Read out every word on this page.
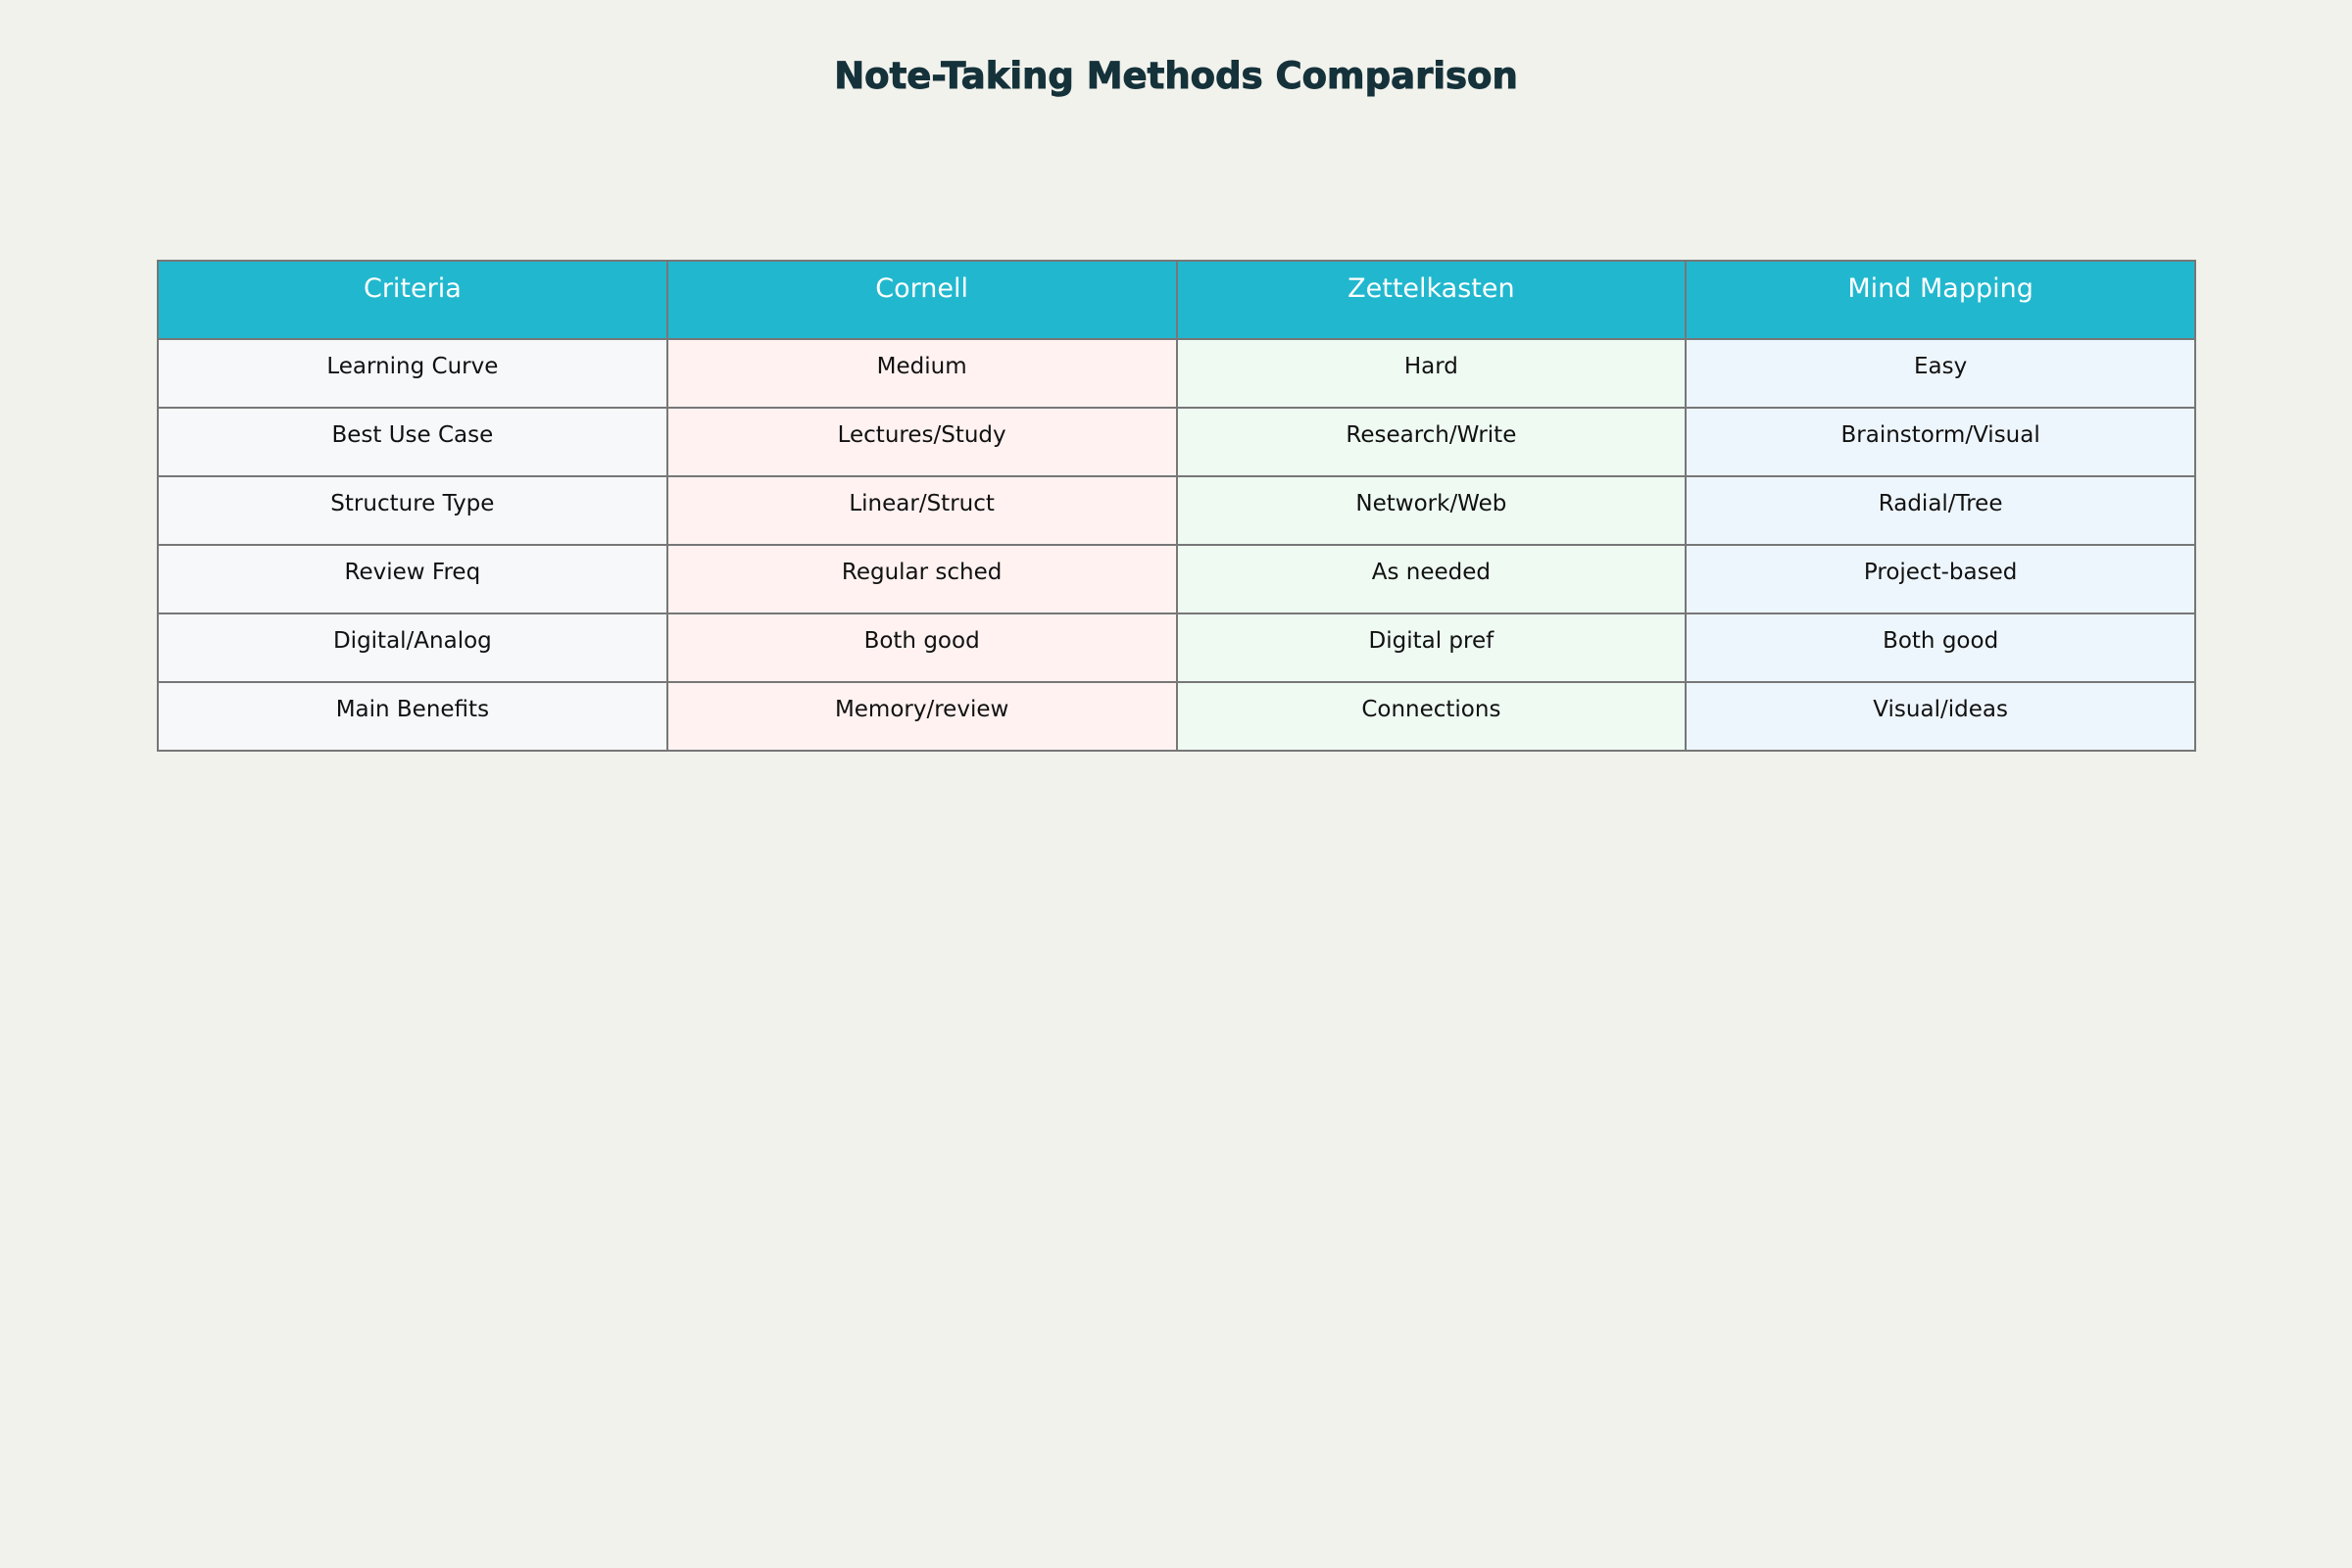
Note-Taking Methods Comparison
Criteria	Cornell	Zettelkasten	Mind Mapping
Learning Curve	Medium	Hard	Easy
Best Use Case	Lectures/Study	Research/Write	Brainstorm/Visual
Structure Type	Linear/Struct	Network/Web	Radial/Tree
Review Freq	Regular sched	As needed	Project-based
Digital/Analog	Both good	Digital pref	Both good
Main Benefits	Memory/review	Connections	Visual/ideas
